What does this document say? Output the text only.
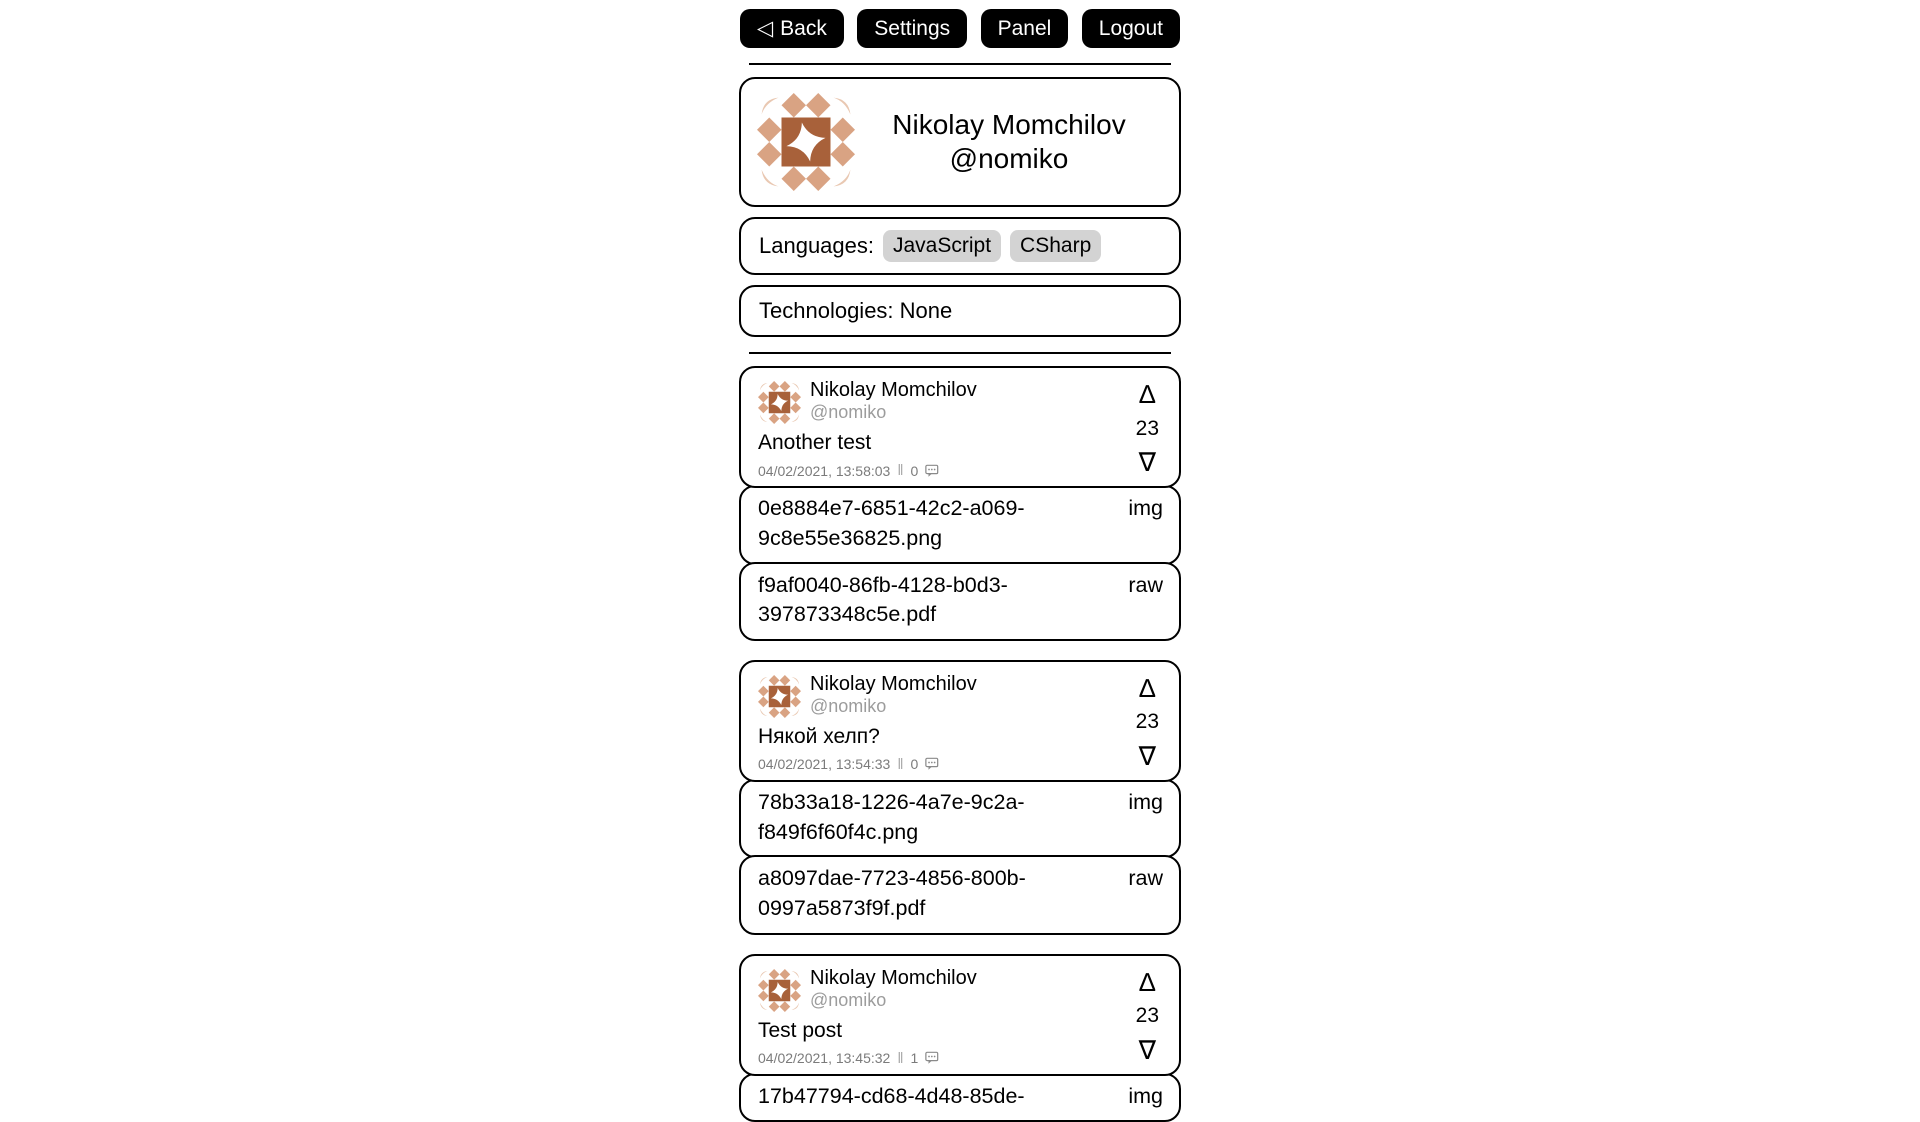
◁ Back Settings Panel Logout
Nikolay Momchilov
@nomiko
Languages: JavaScript	CSharp
Technologies: None
Nikolay Momchilov
@nomiko
Another test
04/02/2021, 13:58:03 ‖ 0
∆
23
∇
0e8884e7-6851-42c2-a069-9c8e55e36825.png
img
f9af0040-86fb-4128-b0d3-397873348c5e.pdf
raw
Nikolay Momchilov
@nomiko
Някой хелп?
04/02/2021, 13:54:33 ‖ 0
∆
23
∇
78b33a18-1226-4a7e-9c2a-f849f6f60f4c.png
img
a8097dae-7723-4856-800b-0997a5873f9f.pdf
raw
Nikolay Momchilov
@nomiko
Test post
04/02/2021, 13:45:32 ‖ 1
∆
23
∇
17b47794-cd68-4d48-85de-	img
